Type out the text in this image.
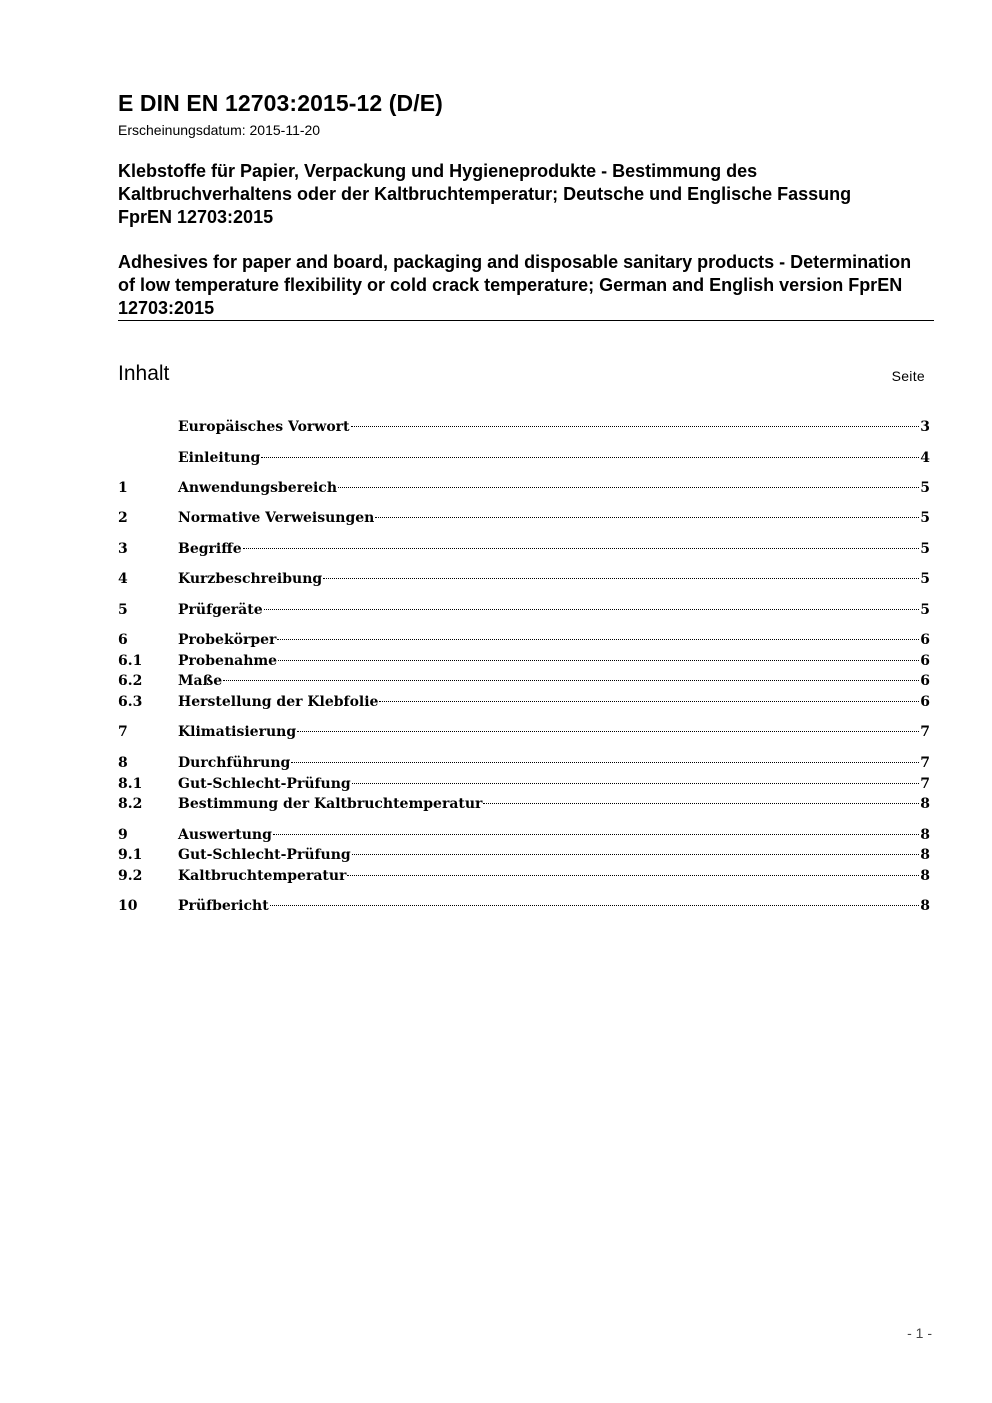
E DIN EN 12703:2015-12 (D/E)
Erscheinungsdatum: 2015-11-20
Klebstoffe für Papier, Verpackung und Hygieneprodukte - Bestimmung des Kaltbruchverhaltens oder der Kaltbruchtemperatur; Deutsche und Englische Fassung FprEN 12703:2015
Adhesives for paper and board, packaging and disposable sanitary products - Determination of low temperature flexibility or cold crack temperature; German and English version FprEN 12703:2015
Inhalt	Seite
Europäisches Vorwort	3
Einleitung	4
1	Anwendungsbereich	5
2	Normative Verweisungen	5
3	Begriffe	5
4	Kurzbeschreibung	5
5	Prüfgeräte	5
6	Probekörper	6
6.1	Probenahme	6
6.2	Maße	6
6.3	Herstellung der Klebfolie	6
7	Klimatisierung	7
8	Durchführung	7
8.1	Gut-Schlecht-Prüfung	7
8.2	Bestimmung der Kaltbruchtemperatur	8
9	Auswertung	8
9.1	Gut-Schlecht-Prüfung	8
9.2	Kaltbruchtemperatur	8
10	Prüfbericht	8
- 1 -
